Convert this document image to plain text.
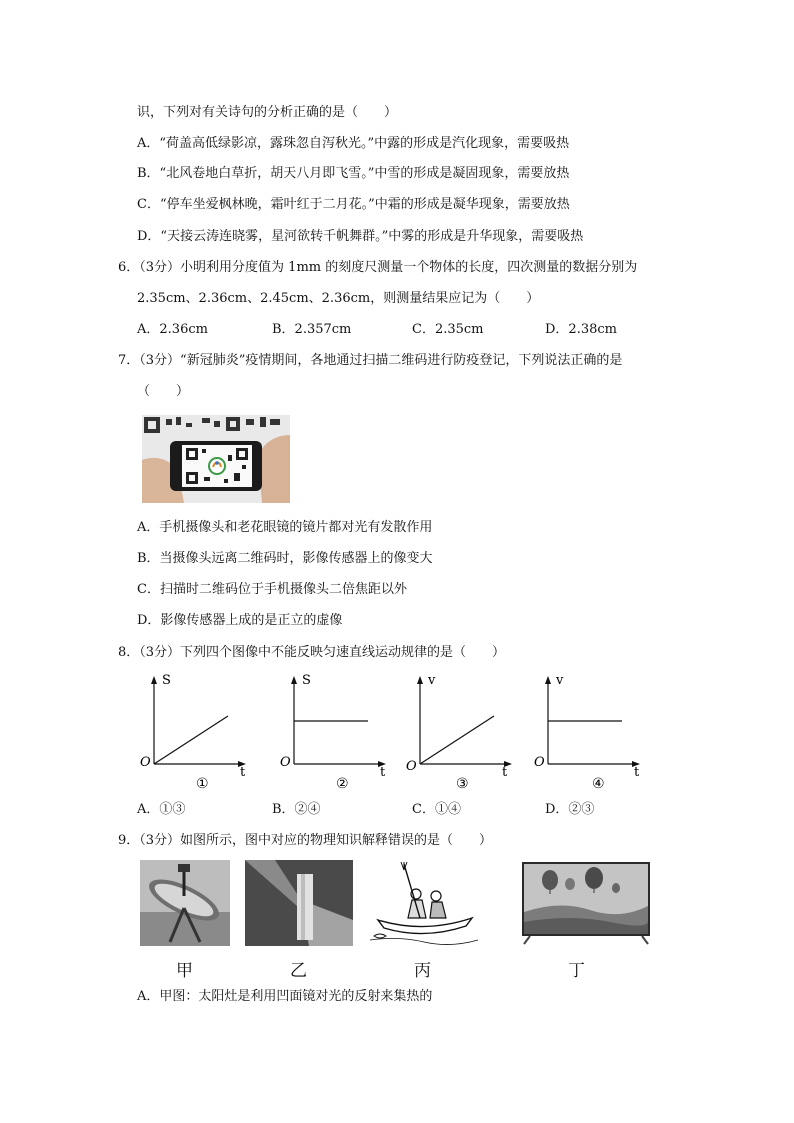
识，下列对有关诗句的分析正确的是（　　）
A．“荷盖高低绿影凉，露珠忽自泻秋光。”中露的形成是汽化现象，需要吸热
B．“北风卷地白草折，胡天八月即飞雪。”中雪的形成是凝固现象，需要放热
C．“停车坐爱枫林晚，霜叶红于二月花。”中霜的形成是凝华现象，需要放热
D．“天接云涛连晓雾，星河欲转千帆舞群。”中雾的形成是升华现象，需要吸热
6．（3分）小明利用分度值为 1mm 的刻度尺测量一个物体的长度，四次测量的数据分别为
2.35cm、2.36cm、2.45cm、2.36cm，则测量结果应记为（　　）
A．2.36cm	B．2.357cm	C．2.35cm	D．2.38cm
7．（3分）“新冠肺炎”疫情期间，各地通过扫描二维码进行防疫登记，下列说法正确的是
（　　）
A．手机摄像头和老花眼镜的镜片都对光有发散作用
B．当摄像头远离二维码时，影像传感器上的像变大
C．扫描时二维码位于手机摄像头二倍焦距以外
D．影像传感器上成的是正立的虚像
8．（3分）下列四个图像中不能反映匀速直线运动规律的是（　　）
S
t
O
①
S
t
O
②
v
t
O
③
v
t
O
④
A．①③	B．②④	C．①④	D．②③
9．（3分）如图所示，图中对应的物理知识解释错误的是（　　）
甲	乙	丙	丁
A．甲图：太阳灶是利用凹面镜对光的反射来集热的
